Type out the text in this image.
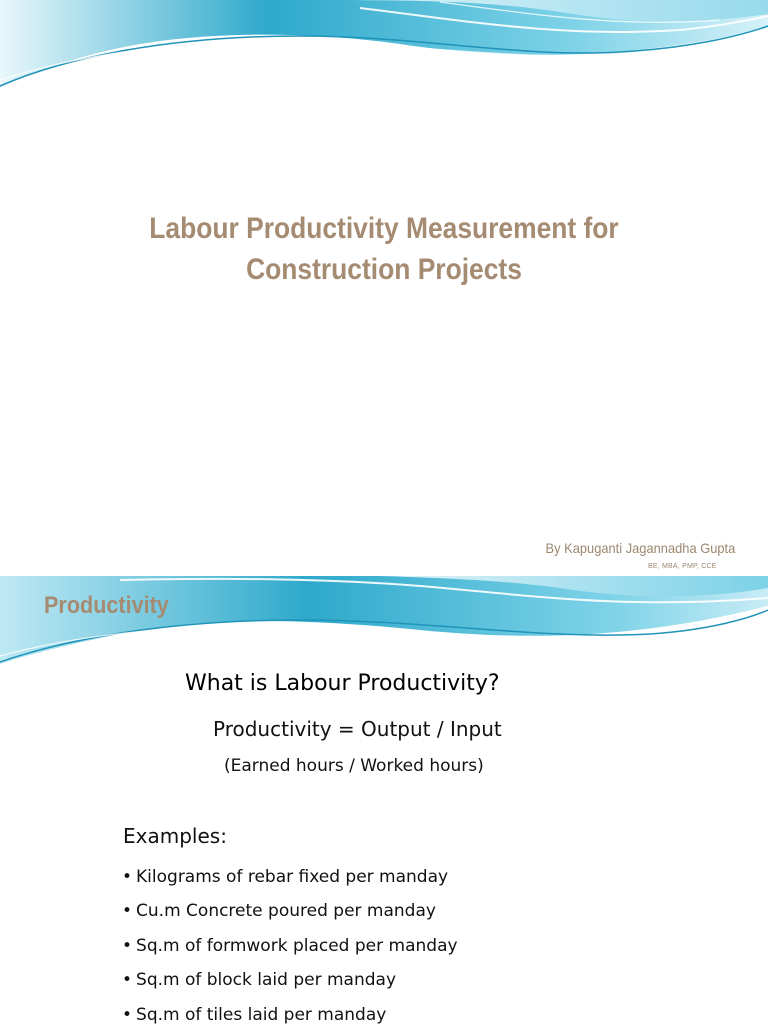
Labour Productivity Measurement for
Construction Projects
By Kapuganti Jagannadha Gupta
BE, MBA, PMP, CCE
Productivity
What is Labour Productivity?
Productivity = Output / Input
(Earned hours / Worked hours)
Examples:
• Kilograms of rebar fixed per manday
• Cu.m Concrete poured per manday
• Sq.m of formwork placed per manday
• Sq.m of block laid per manday
• Sq.m of tiles laid per manday
